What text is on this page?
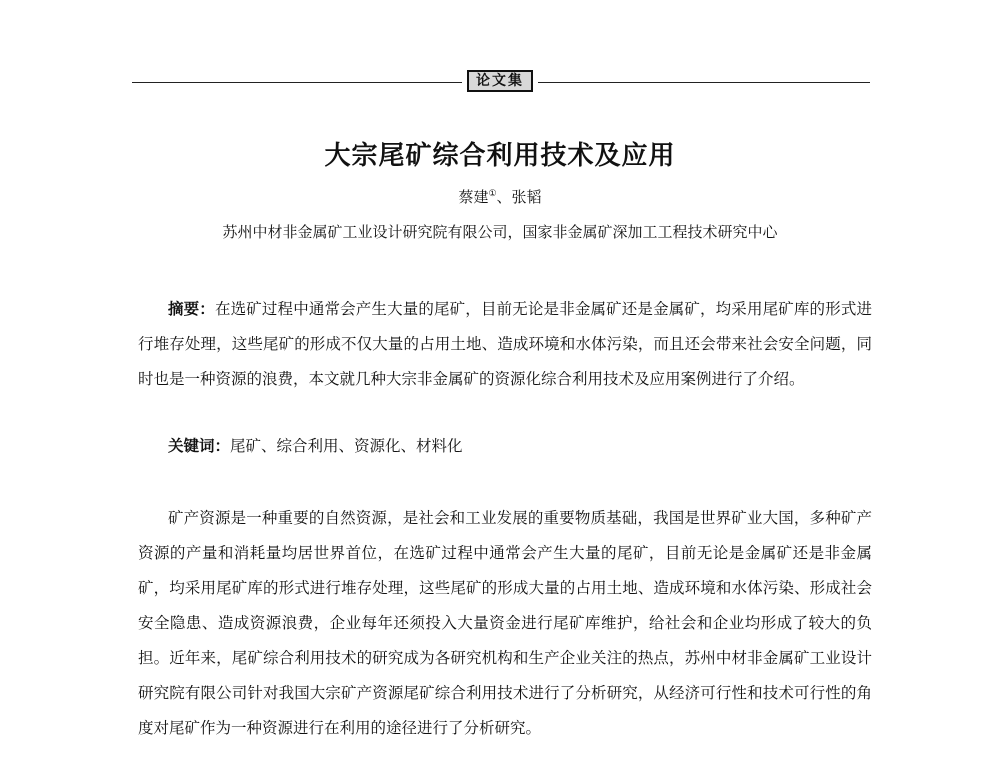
论文集
大宗尾矿综合利用技术及应用
蔡建①、张韬
苏州中材非金属矿工业设计研究院有限公司，国家非金属矿深加工工程技术研究中心

摘要：在选矿过程中通常会产生大量的尾矿，目前无论是非金属矿还是金属矿，均采用尾矿库的形式进行堆存处理，这些尾矿的形成不仅大量的占用土地、造成环境和水体污染，而且还会带来社会安全问题，同时也是一种资源的浪费，本文就几种大宗非金属矿的资源化综合利用技术及应用案例进行了介绍。

关键词：尾矿、综合利用、资源化、材料化

矿产资源是一种重要的自然资源，是社会和工业发展的重要物质基础，我国是世界矿业大国，多种矿产资源的产量和消耗量均居世界首位，在选矿过程中通常会产生大量的尾矿，目前无论是金属矿还是非金属矿，均采用尾矿库的形式进行堆存处理，这些尾矿的形成大量的占用土地、造成环境和水体污染、形成社会安全隐患、造成资源浪费，企业每年还须投入大量资金进行尾矿库维护，给社会和企业均形成了较大的负担。近年来，尾矿综合利用技术的研究成为各研究机构和生产企业关注的热点，苏州中材非金属矿工业设计研究院有限公司针对我国大宗矿产资源尾矿综合利用技术进行了分析研究，从经济可行性和技术可行性的角度对尾矿作为一种资源进行在利用的途径进行了分析研究。
